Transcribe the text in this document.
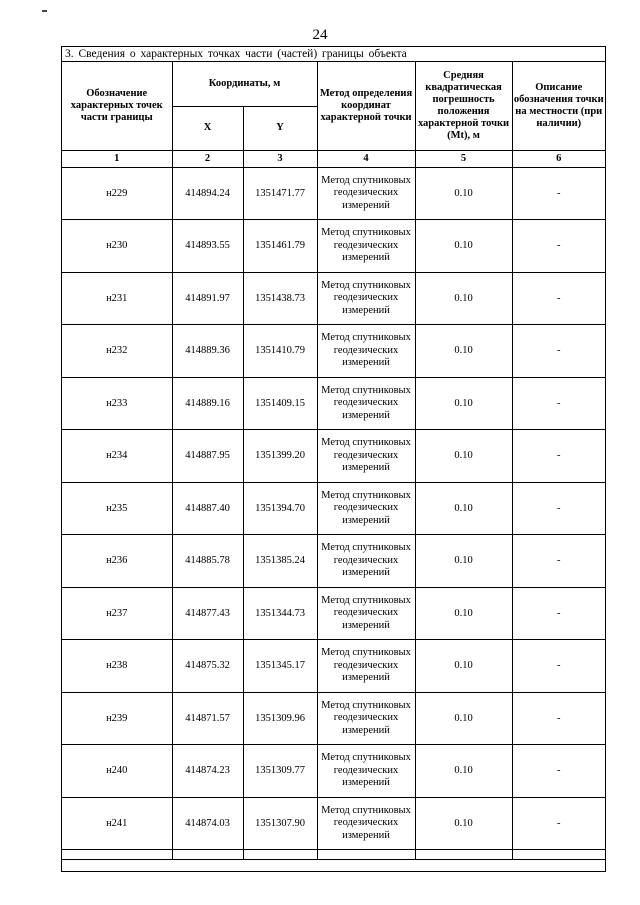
24
3. Сведения о характерных точках части (частей) границы объекта
Обозначение характерных точек части границы	Координаты, м		Метод определения координат характерной точки	Средняя квадратическая погрешность положения характерной точки (Mt), м	Описание обозначения точки на местности (при наличии)
	X	Y			
1	2	3	4	5	6
н229	414894.24	1351471.77	Метод спутниковых геодезических измерений	0.10	-
н230	414893.55	1351461.79	Метод спутниковых геодезических измерений	0.10	-
н231	414891.97	1351438.73	Метод спутниковых геодезических измерений	0.10	-
н232	414889.36	1351410.79	Метод спутниковых геодезических измерений	0.10	-
н233	414889.16	1351409.15	Метод спутниковых геодезических измерений	0.10	-
н234	414887.95	1351399.20	Метод спутниковых геодезических измерений	0.10	-
н235	414887.40	1351394.70	Метод спутниковых геодезических измерений	0.10	-
н236	414885.78	1351385.24	Метод спутниковых геодезических измерений	0.10	-
н237	414877.43	1351344.73	Метод спутниковых геодезических измерений	0.10	-
н238	414875.32	1351345.17	Метод спутниковых геодезических измерений	0.10	-
н239	414871.57	1351309.96	Метод спутниковых геодезических измерений	0.10	-
н240	414874.23	1351309.77	Метод спутниковых геодезических измерений	0.10	-
н241	414874.03	1351307.90	Метод спутниковых геодезических измерений	0.10	-
